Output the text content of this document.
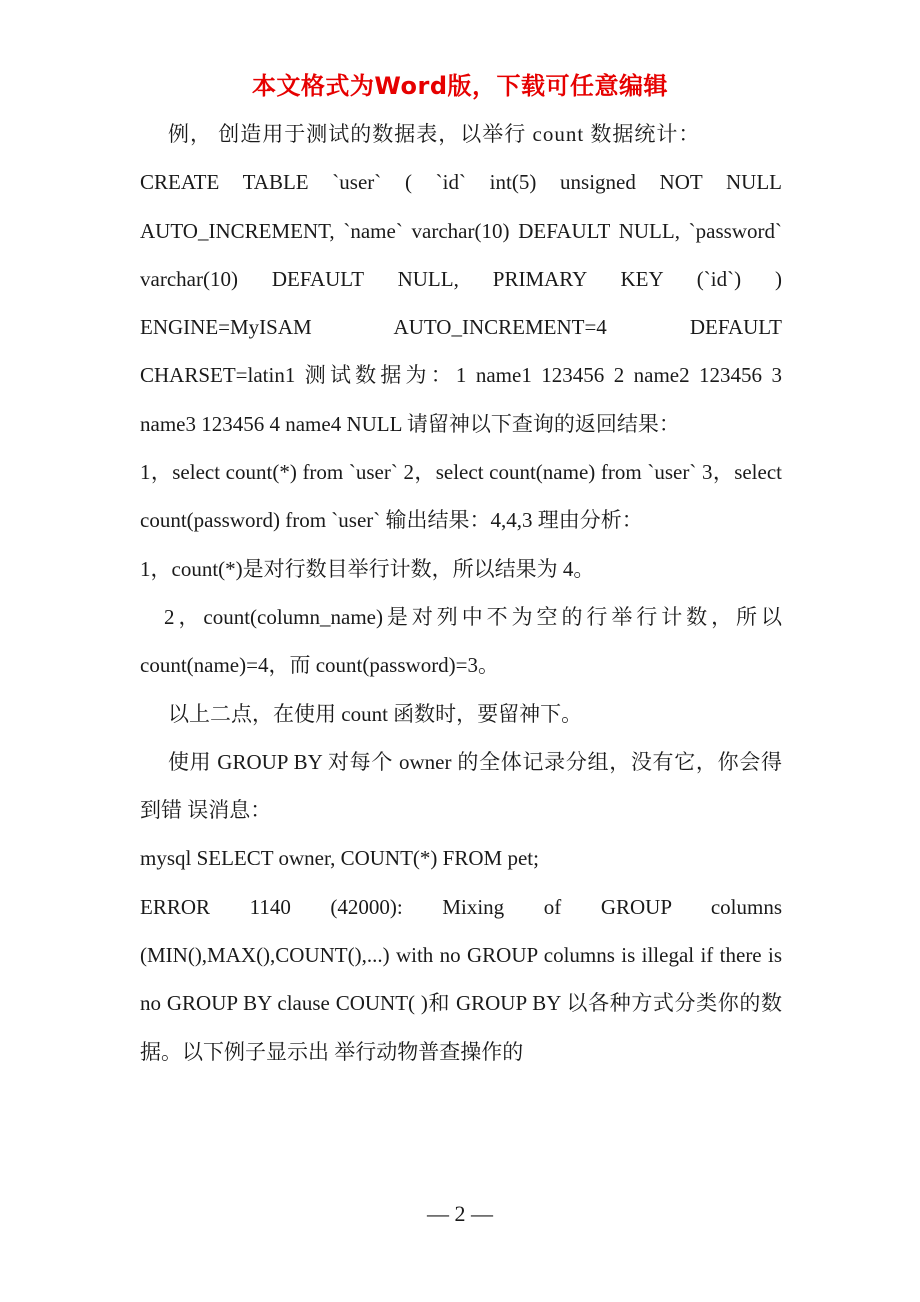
本文格式为Word版，下载可任意编辑

例， 创造用于测试的数据表，以举行 count 数据统计：

CREATE TABLE `user` ( `id` int(5) unsigned NOT NULL AUTO_INCREMENT, `name` varchar(10) DEFAULT NULL, `password` varchar(10) DEFAULT NULL, PRIMARY KEY (`id`) ) ENGINE=MyISAM AUTO_INCREMENT=4 DEFAULT CHARSET=latin1 测试数据为：1 name1 123456 2 name2 123456 3 name3 123456 4 name4 NULL 请留神以下查询的返回结果：

1，select count(*) from `user` 2，select count(name) from `user` 3，select count(password) from `user` 输出结果：4,4,3 理由分析：

1，count(*)是对行数目举行计数，所以结果为 4。

2，count(column_name)是对列中不为空的行举行计数，所以 count(name)=4，而 count(password)=3。

以上二点，在使用 count 函数时，要留神下。

使用 GROUP BY 对每个 owner 的全体记录分组，没有它，你会得到错 误消息：

mysql SELECT owner, COUNT(*) FROM pet;

ERROR 1140 (42000): Mixing of GROUP columns (MIN(),MAX(),COUNT(),...) with no GROUP columns is illegal if there is no GROUP BY clause COUNT( )和 GROUP BY 以各种方式分类你的数据。以下例子显示出 举行动物普查操作的

— 2 —
